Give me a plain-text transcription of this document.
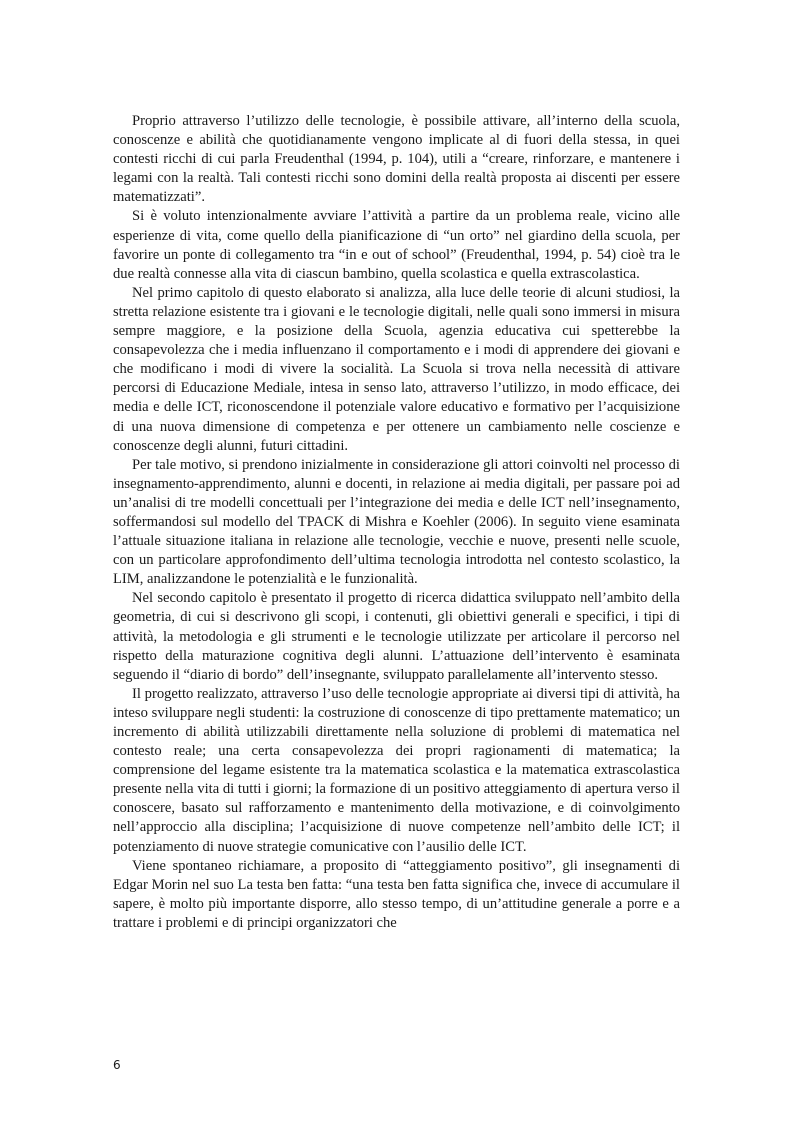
Proprio attraverso l’utilizzo delle tecnologie, è possibile attivare, all’interno della scuola, conoscenze e abilità che quotidianamente vengono implicate al di fuori della stessa, in quei contesti ricchi di cui parla Freudenthal (1994, p. 104), utili a “creare, rinforzare, e mantenere i legami con la realtà. Tali contesti ricchi sono domini della realtà proposta ai discenti per essere matematizzati”.

Si è voluto intenzionalmente avviare l’attività a partire da un problema reale, vicino alle esperienze di vita, come quello della pianificazione di “un orto” nel giardino della scuola, per favorire un ponte di collegamento tra “in e out of school” (Freudenthal, 1994, p. 54) cioè tra le due realtà connesse alla vita di ciascun bambino, quella scolastica e quella extrascolastica.

Nel primo capitolo di questo elaborato si analizza, alla luce delle teorie di alcuni studiosi, la stretta relazione esistente tra i giovani e le tecnologie digitali, nelle quali sono immersi in misura sempre maggiore, e la posizione della Scuola, agenzia educativa cui spetterebbe la consapevolezza che i media influenzano il comportamento e i modi di apprendere dei giovani e che modificano i modi di vivere la socialità. La Scuola si trova nella necessità di attivare percorsi di Educazione Mediale, intesa in senso lato, attraverso l’utilizzo, in modo efficace, dei media e delle ICT, riconoscendone il potenziale valore educativo e formativo per l’acquisizione di una nuova dimensione di competenza e per ottenere un cambiamento nelle coscienze e conoscenze degli alunni, futuri cittadini.

Per tale motivo, si prendono inizialmente in considerazione gli attori coinvolti nel processo di insegnamento-apprendimento, alunni e docenti, in relazione ai media digitali, per passare poi ad un’analisi di tre modelli concettuali per l’integrazione dei media e delle ICT nell’insegnamento, soffermandosi sul modello del TPACK di Mishra e Koehler (2006). In seguito viene esaminata l’attuale situazione italiana in relazione alle tecnologie, vecchie e nuove, presenti nelle scuole, con un particolare approfondimento dell’ultima tecnologia introdotta nel contesto scolastico, la LIM, analizzandone le potenzialità e le funzionalità.

Nel secondo capitolo è presentato il progetto di ricerca didattica sviluppato nell’ambito della geometria, di cui si descrivono gli scopi, i contenuti, gli obiettivi generali e specifici, i tipi di attività, la metodologia e gli strumenti e le tecnologie utilizzate per articolare il percorso nel rispetto della maturazione cognitiva degli alunni. L’attuazione dell’intervento è esaminata seguendo il “diario di bordo” dell’insegnante, sviluppato parallelamente all’intervento stesso.

Il progetto realizzato, attraverso l’uso delle tecnologie appropriate ai diversi tipi di attività, ha inteso sviluppare negli studenti: la costruzione di conoscenze di tipo prettamente matematico; un incremento di abilità utilizzabili direttamente nella soluzione di problemi di matematica nel contesto reale; una certa consapevolezza dei propri ragionamenti di matematica; la comprensione del legame esistente tra la matematica scolastica e la matematica extrascolastica presente nella vita di tutti i giorni; la formazione di un positivo atteggiamento di apertura verso il conoscere, basato sul rafforzamento e mantenimento della motivazione, e di coinvolgimento nell’approccio alla disciplina; l’acquisizione di nuove competenze nell’ambito delle ICT; il potenziamento di nuove strategie comunicative con l’ausilio delle ICT.

Viene spontaneo richiamare, a proposito di “atteggiamento positivo”, gli insegnamenti di Edgar Morin nel suo La testa ben fatta: “una testa ben fatta significa che, invece di accumulare il sapere, è molto più importante disporre, allo stesso tempo, di un’attitudine generale a porre e a trattare i problemi e di principi organizzatori che

6
